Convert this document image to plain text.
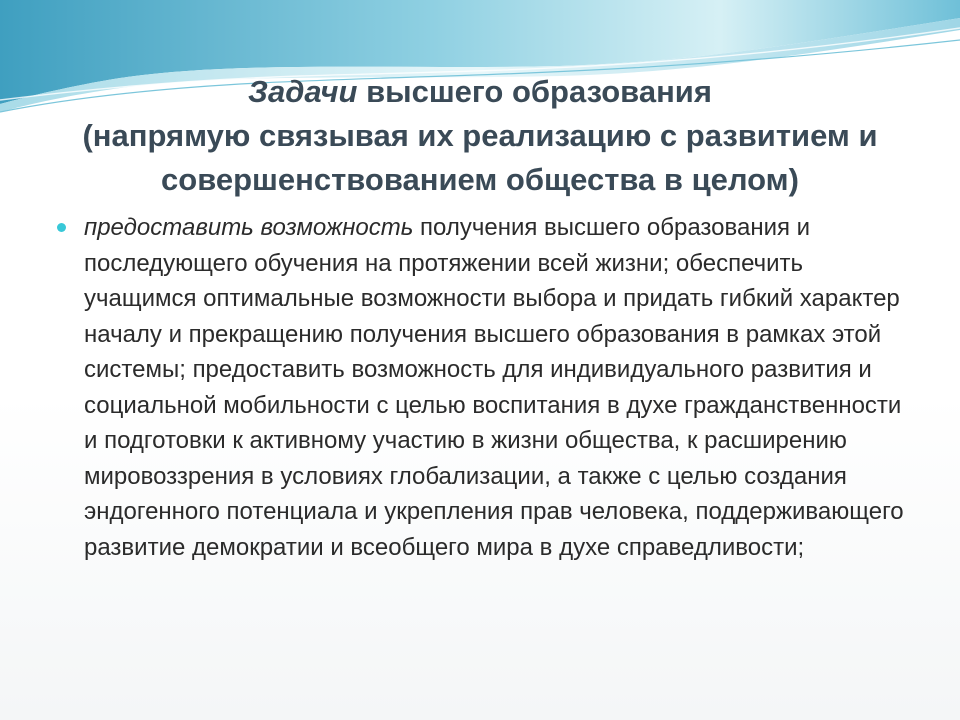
Задачи высшего образования
(напрямую связывая их реализацию с развитием и
совершенствованием общества в целом)
предоставить возможность получения высшего образования и последующего обучения на протяжении всей жизни; обеспечить учащимся оптимальные возможности выбора и придать гибкий характер началу и прекращению получения высшего образования в рамках этой системы; предоставить возможность для индивидуального развития и социальной мобильности с целью воспитания в духе гражданственности и подготовки к активному участию в жизни общества, к расширению мировоззрения в условиях глобализации, а также с целью создания эндогенного потенциала и укрепления прав человека, поддерживающего развитие демократии и всеобщего мира в духе справедливости;
